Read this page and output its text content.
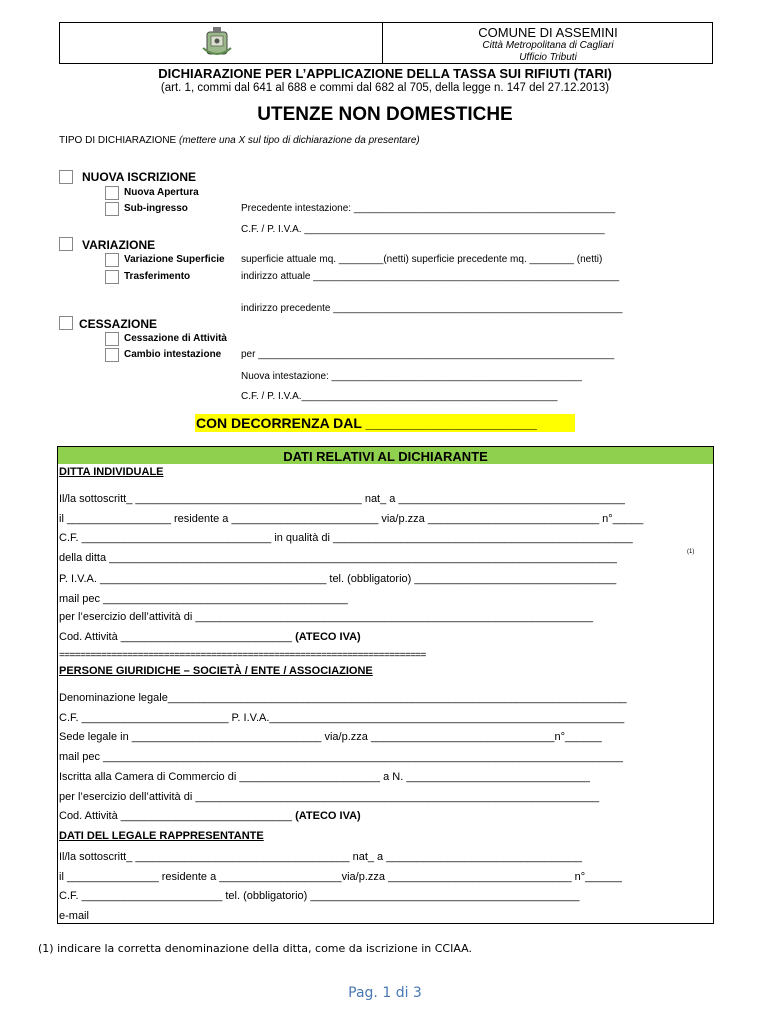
COMUNE DI ASSEMINI
Città Metropolitana di Cagliari
Ufficio Tributi
DICHIARAZIONE PER L’APPLICAZIONE DELLA TASSA SUI RIFIUTI (TARI)
(art. 1, commi dal 641 al 688 e commi dal 682 al 705, della legge n. 147 del 27.12.2013)
UTENZE NON DOMESTICHE
TIPO DI DICHIARAZIONE (mettere una X sul tipo di dichiarazione da presentare)
NUOVA ISCRIZIONE
Nuova Apertura
Sub-ingresso	Precedente intestazione: _______________________________________________
C.F. / P. I.V.A. ______________________________________________________
VARIAZIONE
Variazione Superficie superficie attuale mq. ________(netti) superficie precedente mq. ________ (netti)
Trasferimento	indirizzo attuale _______________________________________________________
indirizzo precedente ____________________________________________________
CESSAZIONE
Cessazione di Attività
Cambio intestazione per ________________________________________________________________
Nuova intestazione: _____________________________________________
C.F. / P. I.V.A.______________________________________________
CON DECORRENZA DAL ______________________
DATI RELATIVI AL DICHIARANTE
DITTA INDIVIDUALE
Il/la sottoscritt_ _____________________________________ nat_ a _____________________________________
il _________________ residente a ________________________ via/p.zza ____________________________ n°_____
C.F. _______________________________ in qualità di _________________________________________________
della ditta ___________________________________________________________________________________	(1)
P. I.V.A. _____________________________________ tel. (obbligatorio) _________________________________
mail pec ________________________________________
per l’esercizio dell’attività di _________________________________________________________________
Cod. Attività ____________________________ (ATECO IVA)
======================================================================
PERSONE GIURIDICHE – SOCIETÀ / ENTE / ASSOCIAZIONE
Denominazione legale___________________________________________________________________________
C.F. ________________________ P. I.V.A.__________________________________________________________
Sede legale in _______________________________ via/p.zza ______________________________n°______
mail pec _____________________________________________________________________________________
Iscritta alla Camera di Commercio di _______________________ a N. ______________________________
per l’esercizio dell’attività di __________________________________________________________________
Cod. Attività ____________________________ (ATECO IVA)
DATI DEL LEGALE RAPPRESENTANTE
Il/la sottoscritt_ ___________________________________ nat_ a ________________________________
il _______________ residente a ____________________via/p.zza ______________________________ n°______
C.F. _______________________ tel. (obbligatorio) ____________________________________________
e-mail
(1) indicare la corretta denominazione della ditta, come da iscrizione in CCIAA.
Pag. 1 di 3
